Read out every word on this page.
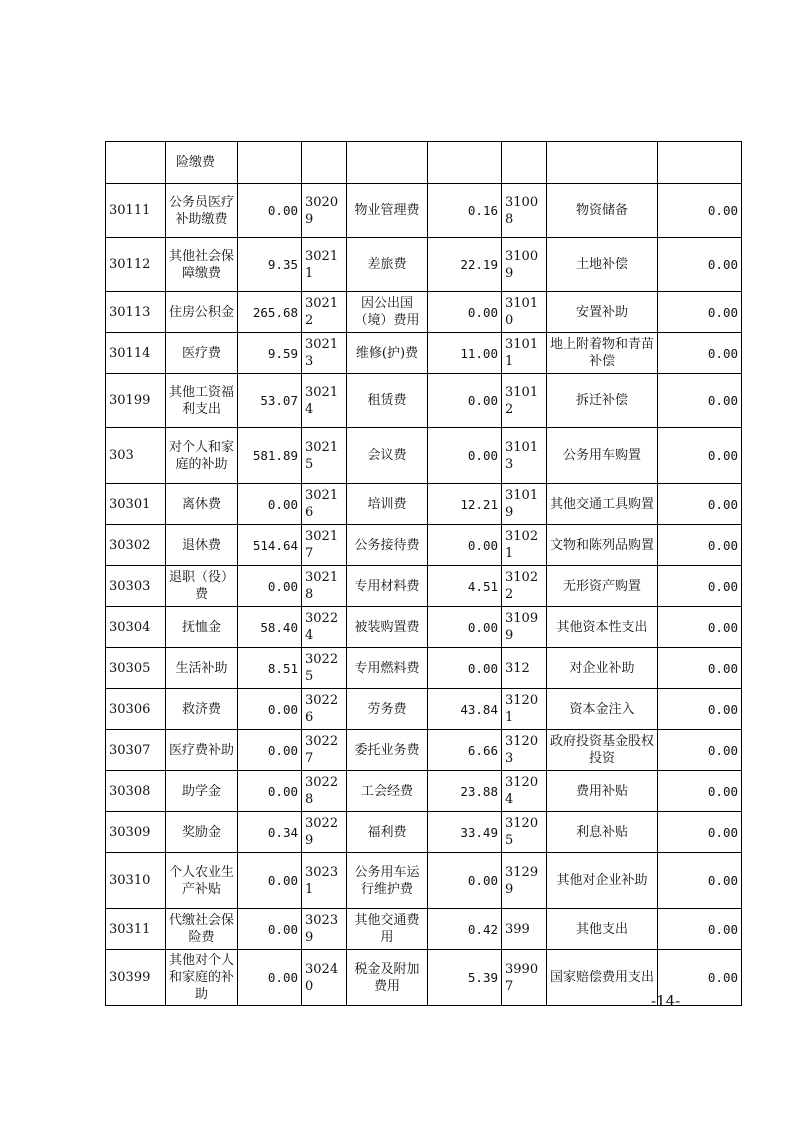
	险缴费							
30111	公务员医疗补助缴费	0.00	30209	物业管理费	0.16	31008	物资储备	0.00
30112	其他社会保障缴费	9.35	30211	差旅费	22.19	31009	土地补偿	0.00
30113	住房公积金	265.68	30212	因公出国（境）费用	0.00	31010	安置补助	0.00
30114	医疗费	9.59	30213	维修(护)费	11.00	31011	地上附着物和青苗补偿	0.00
30199	其他工资福利支出	53.07	30214	租赁费	0.00	31012	拆迁补偿	0.00
303	对个人和家庭的补助	581.89	30215	会议费	0.00	31013	公务用车购置	0.00
30301	离休费	0.00	30216	培训费	12.21	31019	其他交通工具购置	0.00
30302	退休费	514.64	30217	公务接待费	0.00	31021	文物和陈列品购置	0.00
30303	退职（役）费	0.00	30218	专用材料费	4.51	31022	无形资产购置	0.00
30304	抚恤金	58.40	30224	被装购置费	0.00	31099	其他资本性支出	0.00
30305	生活补助	8.51	30225	专用燃料费	0.00	312	对企业补助	0.00
30306	救济费	0.00	30226	劳务费	43.84	31201	资本金注入	0.00
30307	医疗费补助	0.00	30227	委托业务费	6.66	31203	政府投资基金股权投资	0.00
30308	助学金	0.00	30228	工会经费	23.88	31204	费用补贴	0.00
30309	奖励金	0.34	30229	福利费	33.49	31205	利息补贴	0.00
30310	个人农业生产补贴	0.00	30231	公务用车运行维护费	0.00	31299	其他对企业补助	0.00
30311	代缴社会保险费	0.00	30239	其他交通费用	0.42	399	其他支出	0.00
30399	其他对个人和家庭的补助	0.00	30240	税金及附加费用	5.39	39907	国家赔偿费用支出	0.00
-14-
